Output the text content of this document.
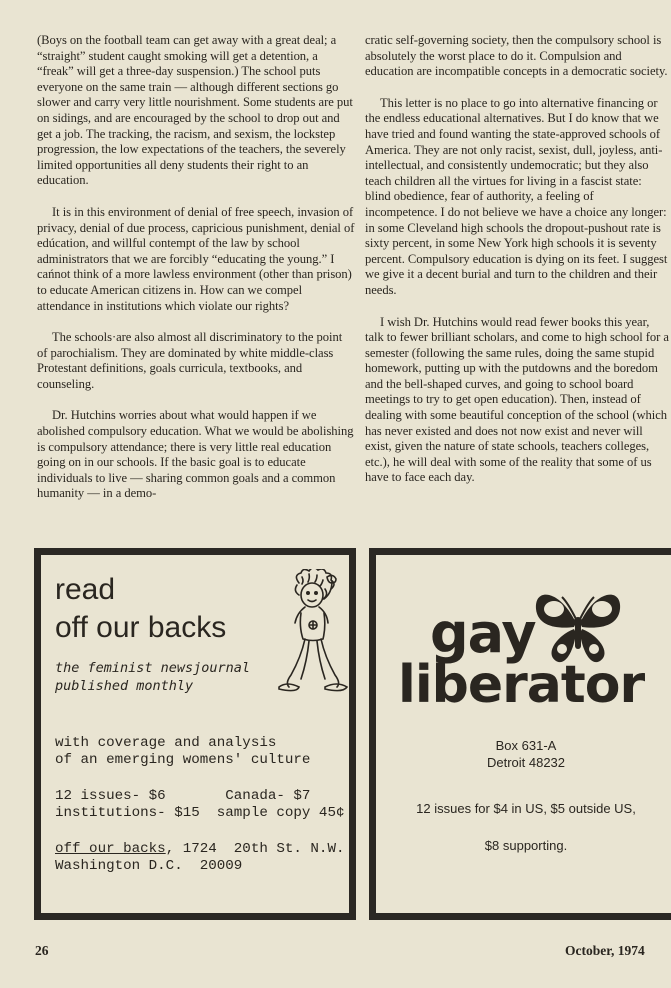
(Boys on the football team can get away with a great deal; a “straight” student caught smoking will get a detention, a “freak” will get a three-day suspension.) The school puts everyone on the same train — although different sections go slower and carry very little nourishment. Some students are put on sidings, and are encouraged by the school to drop out and get a job. The tracking, the racism, and sexism, the lockstep progression, the low expectations of the teachers, the severely limited opportunities all deny students their right to an education.

It is in this environment of denial of free speech, invasion of privacy, denial of due process, capricious punishment, denial of edúcation, and willful contempt of the law by school administrators that we are forcibly “educating the young.” I cańnot think of a more lawless environment (other than prison) to educate American citizens in. How can we compel attendance in institutions which violate our rights?

The schools·are also almost all discriminatory to the point of parochialism. They are dominated by white middle-class Protestant definitions, goals curricula, textbooks, and counseling.

Dr. Hutchins worries about what would happen if we abolished compulsory education. What we would be abolishing is compulsory attendance; there is very little real education going on in our schools. If the basic goal is to educate individuals to live — sharing common goals and a common humanity — in a demo-

cratic self-governing society, then the compulsory school is absolutely the worst place to do it. Compulsion and education are incompatible concepts in a democratic society.

This letter is no place to go into alternative financing or the endless educational alternatives. But I do know that we have tried and found wanting the state-approved schools of America. They are not only racist, sexist, dull, joyless, anti-intellectual, and consistently undemocratic; but they also teach children all the virtues for living in a fascist state: blind obedience, fear of authority, a feeling of incompetence. I do not believe we have a choice any longer: in some Cleveland high schools the dropout-pushout rate is sixty percent, in some New York high schools it is seventy percent. Compulsory education is dying on its feet. I suggest we give it a decent burial and turn to the children and their needs.

I wish Dr. Hutchins would read fewer books this year, talk to fewer brilliant scholars, and come to high school for a semester (following the same rules, doing the same stupid homework, putting up with the putdowns and the boredom and the bell-shaped curves, and going to school board meetings to try to get open education). Then, instead of dealing with some beautiful conception of the school (which has never existed and does not now exist and never will exist, given the nature of state schools, teachers colleges, etc.), he will deal with some of the reality that some of us have to face each day.

read
off our backs
the feminist newsjournal
published monthly
with coverage and analysis
of an emerging womens' culture
12 issues- $6       Canada- $7
institutions- $15  sample copy 45¢
off our backs, 1724  20th St. N.W.
Washington D.C.  20009
gay
liberator
Box 631-A
Detroit 48232
12 issues for $4 in US, $5 outside US,
$8 supporting.
26	October, 1974
